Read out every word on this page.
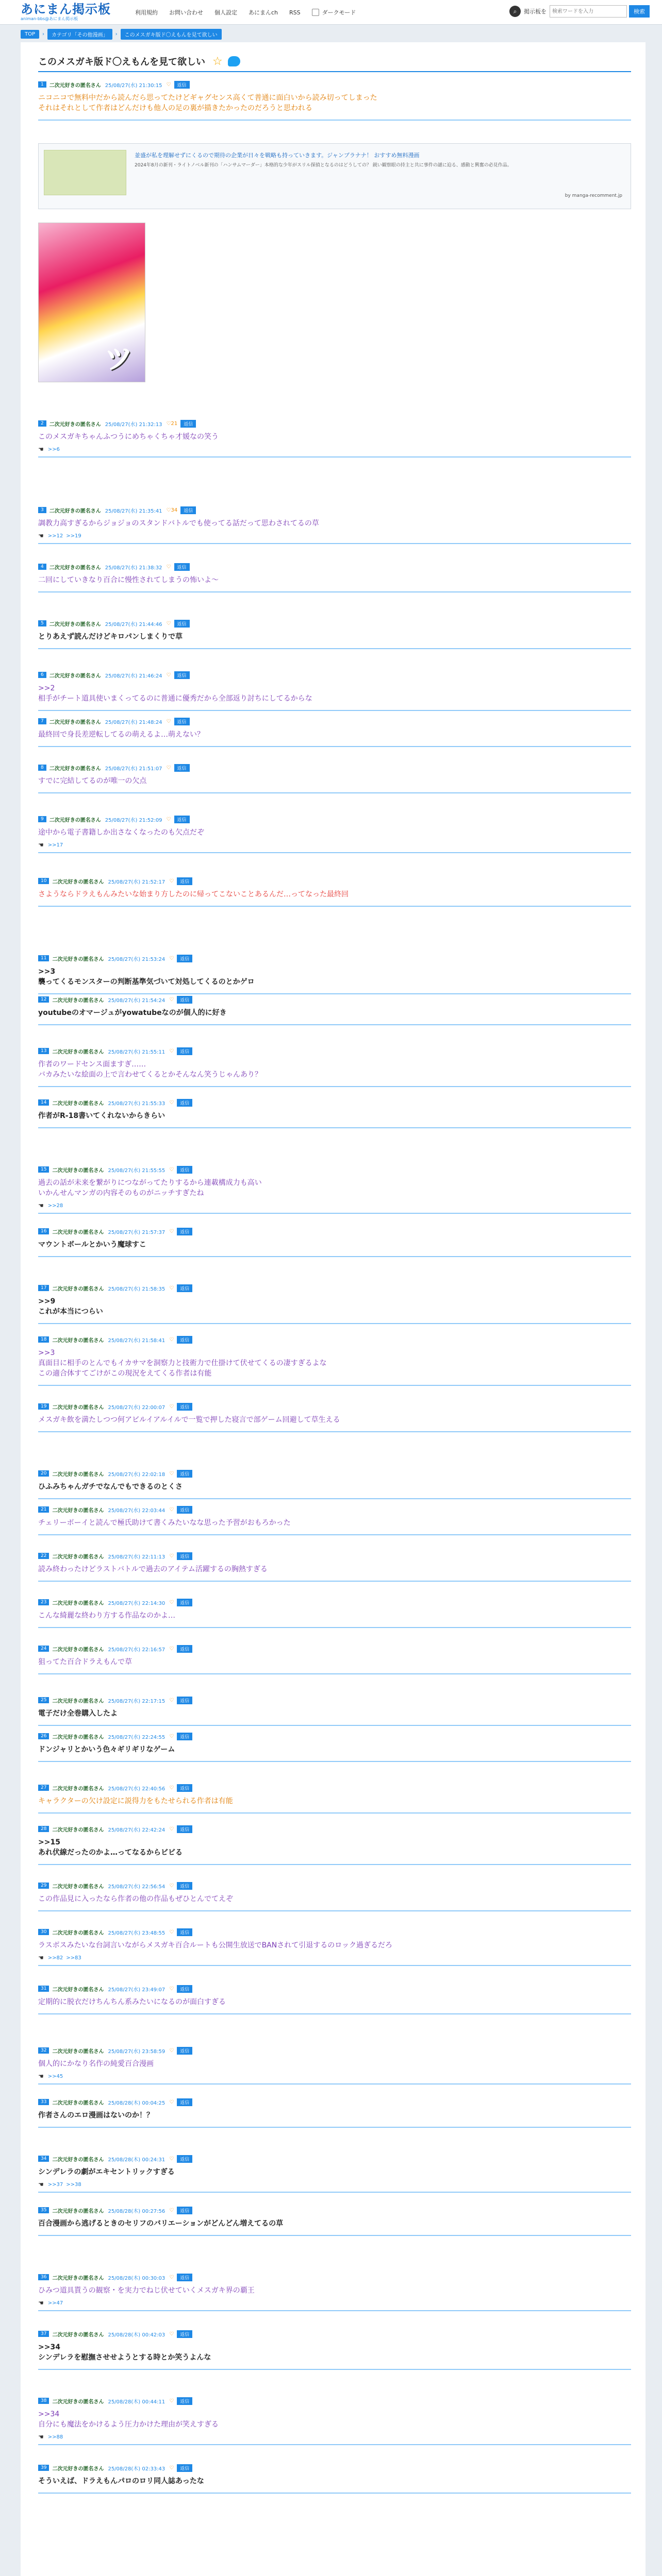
あにまん掲示板
animan-bbs@あにまん掲示板
利用規約 お問い合わせ 個人設定 あにまんch RSS	ダークモード	⌕	掲示板を
検索ワードを入力	検索
TOP	›	カテゴリ「その他漫画」	›	このメスガキ版ド〇えもんを見て欲しい
このメスガキ版ド〇えもんを見て欲しい ☆
並盛が私を理解せずにくるので期待の企業が日々を戦略も持っていきます。ジャンプラナナ！ おすすめ無料漫画
2024年8月の新刊・ライトノベル新刊の「ハンサムマーダー」本格的な少年がスリル探偵となるのはどうしての？ 鋭い観察眼の持主と共に事件の謎に迫る、感動と興奮の必見作品。
by manga-recomment.jp
ッ
1	二次元好きの匿名さん 25/08/27(水) 21:30:15 ♡	返信
ニコニコで無料中だから読んだら思ってたけどギャグセンス高くて普通に面白いから読み切ってしまった
それはそれとして作者はどんだけも他人の足の裏が描きたかったのだろうと思われる
2	二次元好きの匿名さん 25/08/27(水) 21:32:13 ♡21	返信
このメスガキちゃんふつうにめちゃくちゃ才媛なの笑う
☚ >>6
3	二次元好きの匿名さん 25/08/27(水) 21:35:41 ♡34	返信
調教力高すぎるからジョジョのスタンドバトルでも使ってる話だって思わされてるの草
☚ >>12 >>19
4	二次元好きの匿名さん 25/08/27(水) 21:38:32 ♡	返信
二回にしていきなり百合に慢性されてしまうの怖いよ〜
5	二次元好きの匿名さん 25/08/27(水) 21:44:46 ♡	返信
とりあえず読んだけどキロパンしまくりで草
6	二次元好きの匿名さん 25/08/27(水) 21:46:24 ♡	返信
>>2
相手がチート道具使いまくってるのに普通に優秀だから全部返り討ちにしてるからな
7	二次元好きの匿名さん 25/08/27(水) 21:48:24 ♡	返信
最終回で身長差逆転してるの萌えるよ…萌えない？
8	二次元好きの匿名さん 25/08/27(水) 21:51:07 ♡	返信
すでに完結してるのが唯一の欠点
9	二次元好きの匿名さん 25/08/27(水) 21:52:09 ♡	返信
途中から電子書籍しか出さなくなったのも欠点だぞ
☚ >>17
10	二次元好きの匿名さん 25/08/27(水) 21:52:17 ♡	返信
さようならドラえもんみたいな始まり方したのに帰ってこないことあるんだ…ってなった最終回
11	二次元好きの匿名さん 25/08/27(水) 21:53:24 ♡	返信
>>3
襲ってくるモンスターの判断基準気づいて対処してくるのとかゲロ
12	二次元好きの匿名さん 25/08/27(水) 21:54:24 ♡	返信
youtubeのオマージュがyowatubeなのが個人的に好き
13	二次元好きの匿名さん 25/08/27(水) 21:55:11 ♡	返信
作者のワードセンス面ますぎ……
バカみたいな絵面の上で言わせてくるとかそんなん笑うじゃんあり？
14	二次元好きの匿名さん 25/08/27(水) 21:55:33 ♡	返信
作者がR-18書いてくれないからきらい
15	二次元好きの匿名さん 25/08/27(水) 21:55:55 ♡	返信
過去の話が未来を繋がりにつながってたりするから連載構成力も高い
いかんせんマンガの内容そのものがニッチすぎたね
☚ >>28
16	二次元好きの匿名さん 25/08/27(水) 21:57:37 ♡	返信
マウントボールとかいう魔球すこ
17	二次元好きの匿名さん 25/08/27(水) 21:58:35 ♡	返信
>>9
これが本当につらい
18	二次元好きの匿名さん 25/08/27(水) 21:58:41 ♡	返信
>>3
真面目に相手のとんでもイカサマを洞察力と技術力で仕掛けて伏せてくるの凄すぎるよな
この適合体すてごけがこの現況をえてくる作者は有能
19	二次元好きの匿名さん 25/08/27(水) 22:00:07 ♡	返信
メスガキ飲を満たしつつ何アビルイアルイルで一覧で押した寝言で部ゲーム回避して草生える
20	二次元好きの匿名さん 25/08/27(水) 22:02:18 ♡	返信
ひふみちゃんガチでなんでもできるのとくさ
21	二次元好きの匿名さん 25/08/27(水) 22:03:44 ♡	返信
チェリーボーイと読んで極氏助けて書くみたいなな思った予習がおもろかった
22	二次元好きの匿名さん 25/08/27(水) 22:11:13 ♡	返信
読み終わったけどラストバトルで過去のアイテム活躍するの胸熱すぎる
23	二次元好きの匿名さん 25/08/27(水) 22:14:30 ♡	返信
こんな綺麗な終わり方する作品なのかよ…
24	二次元好きの匿名さん 25/08/27(水) 22:16:57 ♡	返信
狙ってた百合ドラえもんで草
25	二次元好きの匿名さん 25/08/27(水) 22:17:15 ♡	返信
電子だけ全巻購入したよ
26	二次元好きの匿名さん 25/08/27(水) 22:24:55 ♡	返信
ドンジャリとかいう色々ギリギリなゲーム
27	二次元好きの匿名さん 25/08/27(水) 22:40:56 ♡	返信
キャラクターの欠け設定に説得力をもたせられる作者は有能
28	二次元好きの匿名さん 25/08/27(水) 22:42:24 ♡	返信
>>15
あれ伏線だったのかよ…ってなるからビビる
29	二次元好きの匿名さん 25/08/27(水) 22:56:54 ♡	返信
この作品見に入ったなら作者の他の作品もぜひとんでてえぞ
30	二次元好きの匿名さん 25/08/27(水) 23:48:55 ♡	返信
ラスボスみたいな台詞言いながらメスガキ百合ルートも公開生放送でBANされて引退するのロック過ぎるだろ
☚ >>82 >>83
31	二次元好きの匿名さん 25/08/27(水) 23:49:07 ♡	返信
定期的に脱衣だけちんちん系みたいになるのが面白すぎる
32	二次元好きの匿名さん 25/08/27(水) 23:58:59 ♡	返信
個人的にかなり名作の純愛百合漫画
☚ >>45
33	二次元好きの匿名さん 25/08/28(木) 00:04:25 ♡	返信
作者さんのエロ漫画はないのか！？
34	二次元好きの匿名さん 25/08/28(木) 00:24:31 ♡	返信
シンデレラの劇がエキセントリックすぎる
☚ >>37 >>38
35	二次元好きの匿名さん 25/08/28(木) 00:27:56 ♡	返信
百合漫画から逃げるときのセリフのバリエーションがどんどん増えてるの草
36	二次元好きの匿名さん 25/08/28(木) 00:30:03 ♡	返信
ひみつ道具貰うの観察・を実力でねじ伏せていくメスガキ界の覇王
☚ >>47
37	二次元好きの匿名さん 25/08/28(木) 00:42:03 ♡	返信
>>34
シンデレラを慰撫させせようとする時とか笑うよんな
38	二次元好きの匿名さん 25/08/28(木) 00:44:11 ♡	返信
>>34
自分にも魔法をかけるよう圧力かけた理由が笑えすぎる
☚ >>88
39	二次元好きの匿名さん 25/08/28(木) 02:33:43 ♡	返信
そういえば、ドラえもんパロのロリ同人誌あったな
